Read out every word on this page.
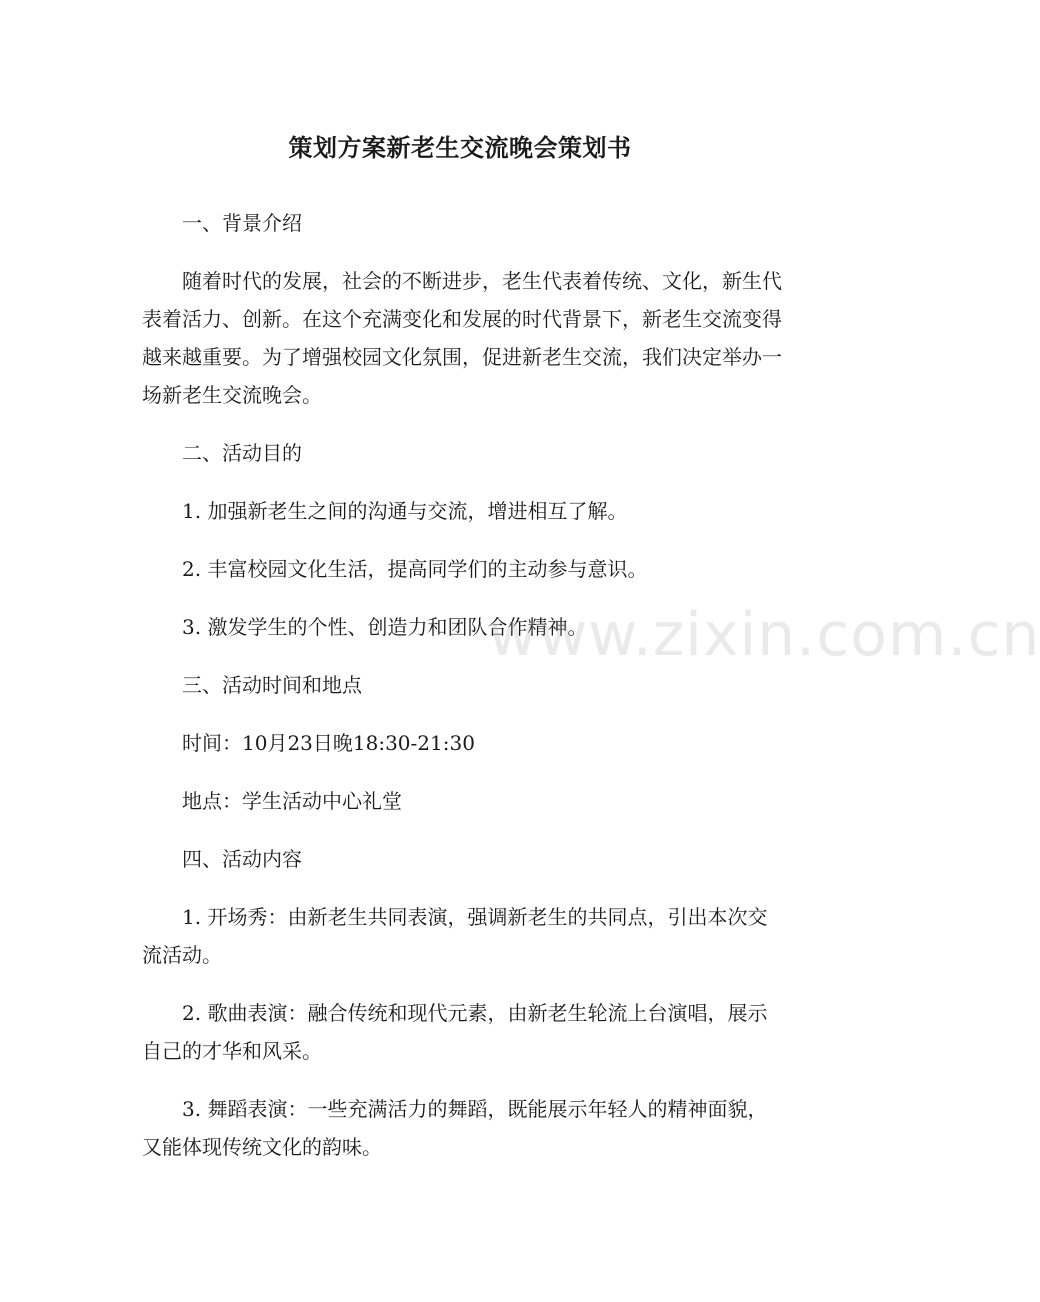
策划方案新老生交流晚会策划书

一、背景介绍

随着时代的发展，社会的不断进步，老生代表着传统、文化，新生代表着活力、创新。在这个充满变化和发展的时代背景下，新老生交流变得越来越重要。为了增强校园文化氛围，促进新老生交流，我们决定举办一场新老生交流晚会。

二、活动目的

1. 加强新老生之间的沟通与交流，增进相互了解。

2. 丰富校园文化生活，提高同学们的主动参与意识。

3. 激发学生的个性、创造力和团队合作精神。

三、活动时间和地点

时间：10月23日晚18:30-21:30

地点：学生活动中心礼堂

四、活动内容

1. 开场秀：由新老生共同表演，强调新老生的共同点，引出本次交流活动。

2. 歌曲表演：融合传统和现代元素，由新老生轮流上台演唱，展示自己的才华和风采。

3. 舞蹈表演：一些充满活力的舞蹈，既能展示年轻人的精神面貌，又能体现传统文化的韵味。

www.zixin.com.cn
